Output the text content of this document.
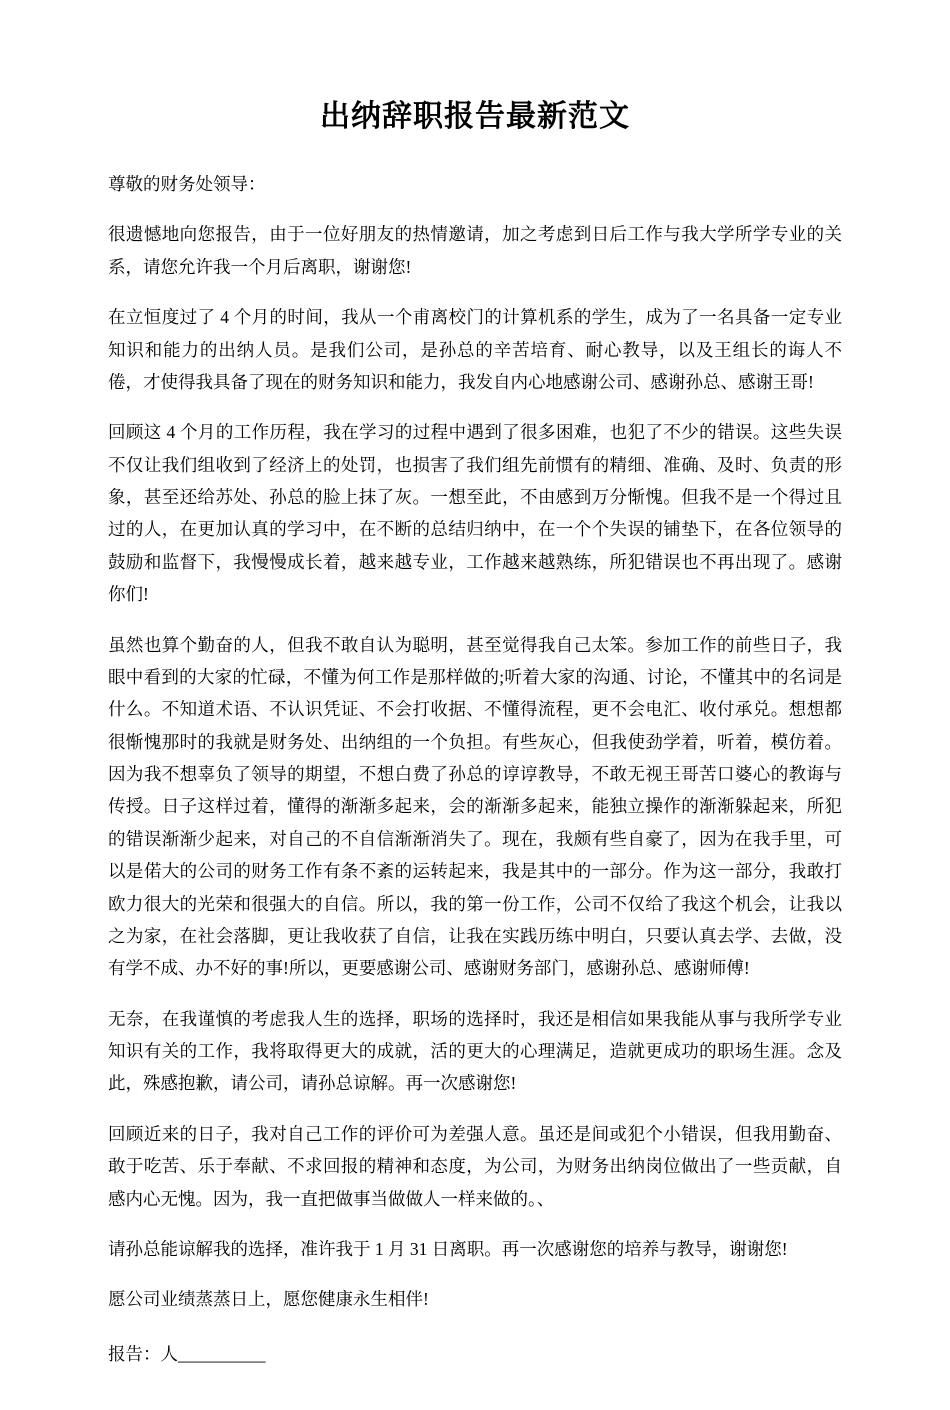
出纳辞职报告最新范文

尊敬的财务处领导：

很遗憾地向您报告，由于一位好朋友的热情邀请，加之考虑到日后工作与我大学所学专业的关系，请您允许我一个月后离职，谢谢您!

在立恒度过了 4 个月的时间，我从一个甫离校门的计算机系的学生，成为了一名具备一定专业知识和能力的出纳人员。是我们公司，是孙总的辛苦培育、耐心教导，以及王组长的诲人不倦，才使得我具备了现在的财务知识和能力，我发自内心地感谢公司、感谢孙总、感谢王哥!

回顾这 4 个月的工作历程，我在学习的过程中遇到了很多困难，也犯了不少的错误。这些失误不仅让我们组收到了经济上的处罚，也损害了我们组先前惯有的精细、准确、及时、负责的形象，甚至还给苏处、孙总的脸上抹了灰。一想至此，不由感到万分惭愧。但我不是一个得过且过的人，在更加认真的学习中，在不断的总结归纳中，在一个个失误的铺垫下，在各位领导的鼓励和监督下，我慢慢成长着，越来越专业，工作越来越熟练，所犯错误也不再出现了。感谢你们!

虽然也算个勤奋的人，但我不敢自认为聪明，甚至觉得我自己太笨。参加工作的前些日子，我眼中看到的大家的忙碌，不懂为何工作是那样做的;听着大家的沟通、讨论，不懂其中的名词是什么。不知道术语、不认识凭证、不会打收据、不懂得流程，更不会电汇、收付承兑。想想都很惭愧那时的我就是财务处、出纳组的一个负担。有些灰心，但我使劲学着，听着，模仿着。因为我不想辜负了领导的期望，不想白费了孙总的谆谆教导，不敢无视王哥苦口婆心的教诲与传授。日子这样过着，懂得的渐渐多起来，会的渐渐多起来，能独立操作的渐渐躲起来，所犯的错误渐渐少起来，对自己的不自信渐渐消失了。现在，我颇有些自豪了，因为在我手里，可以是偌大的公司的财务工作有条不紊的运转起来，我是其中的一部分。作为这一部分，我敢打欧力很大的光荣和很强大的自信。所以，我的第一份工作，公司不仅给了我这个机会，让我以之为家，在社会落脚，更让我收获了自信，让我在实践历练中明白，只要认真去学、去做，没有学不成、办不好的事!所以，更要感谢公司、感谢财务部门，感谢孙总、感谢师傅!

无奈，在我谨慎的考虑我人生的选择，职场的选择时，我还是相信如果我能从事与我所学专业知识有关的工作，我将取得更大的成就，活的更大的心理满足，造就更成功的职场生涯。念及此，殊感抱歉，请公司，请孙总谅解。再一次感谢您!

回顾近来的日子，我对自己工作的评价可为差强人意。虽还是间或犯个小错误，但我用勤奋、敢于吃苦、乐于奉献、不求回报的精神和态度，为公司，为财务出纳岗位做出了一些贡献，自感内心无愧。因为，我一直把做事当做做人一样来做的。、

请孙总能谅解我的选择，准许我于 1 月 31 日离职。再一次感谢您的培养与教导，谢谢您!

愿公司业绩蒸蒸日上，愿您健康永生相伴!

报告：人__________
